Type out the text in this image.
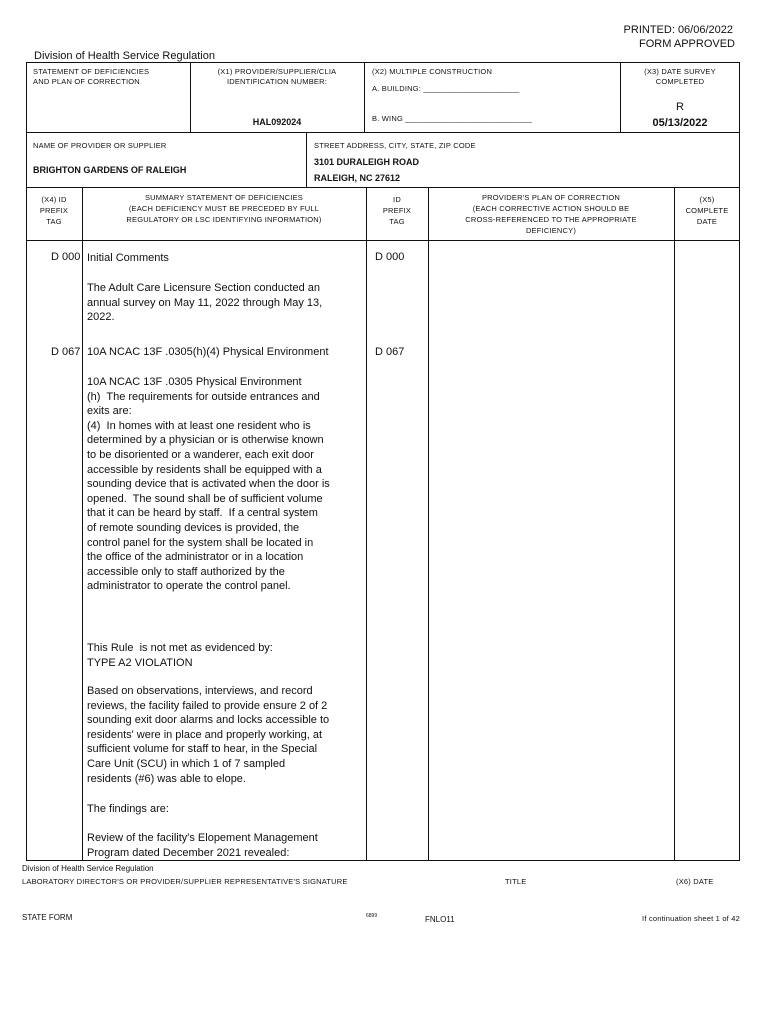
PRINTED: 06/06/2022
FORM APPROVED
Division of Health Service Regulation
STATEMENT OF DEFICIENCIES
AND PLAN OF CORRECTION
(X1) PROVIDER/SUPPLIER/CLIA
IDENTIFICATION NUMBER:
HAL092024
(X2) MULTIPLE CONSTRUCTION
A. BUILDING: ______________________
B. WING _____________________________
(X3) DATE SURVEY
COMPLETED
R
05/13/2022
NAME OF PROVIDER OR SUPPLIER
BRIGHTON GARDENS OF RALEIGH
STREET ADDRESS, CITY, STATE, ZIP CODE
3101 DURALEIGH ROAD
RALEIGH, NC 27612
(X4) ID
PREFIX
TAG
SUMMARY STATEMENT OF DEFICIENCIES
(EACH DEFICIENCY MUST BE PRECEDED BY FULL
REGULATORY OR LSC IDENTIFYING INFORMATION)
ID
PREFIX
TAG
PROVIDER'S PLAN OF CORRECTION
(EACH CORRECTIVE ACTION SHOULD BE
CROSS-REFERENCED TO THE APPROPRIATE
DEFICIENCY)
(X5)
COMPLETE
DATE
D 000 Initial Comments	D 000
The Adult Care Licensure Section conducted an
annual survey on May 11, 2022 through May 13,
2022.
D 067 10A NCAC 13F .0305(h)(4) Physical Environment	D 067
10A NCAC 13F .0305 Physical Environment
(h)  The requirements for outside entrances and
exits are:
(4)  In homes with at least one resident who is
determined by a physician or is otherwise known
to be disoriented or a wanderer, each exit door
accessible by residents shall be equipped with a
sounding device that is activated when the door is
opened.  The sound shall be of sufficient volume
that it can be heard by staff.  If a central system
of remote sounding devices is provided, the
control panel for the system shall be located in
the office of the administrator or in a location
accessible only to staff authorized by the
administrator to operate the control panel.
This Rule  is not met as evidenced by:
TYPE A2 VIOLATION
Based on observations, interviews, and record
reviews, the facility failed to provide ensure 2 of 2
sounding exit door alarms and locks accessible to
residents' were in place and properly working, at
sufficient volume for staff to hear, in the Special
Care Unit (SCU) in which 1 of 7 sampled
residents (#6) was able to elope.
The findings are:
Review of the facility's Elopement Management
Program dated December 2021 revealed:
Division of Health Service Regulation
LABORATORY DIRECTOR'S OR PROVIDER/SUPPLIER REPRESENTATIVE'S SIGNATURE	TITLE	(X6) DATE
STATE FORM	6899	FNLO11	If continuation sheet 1 of 42
